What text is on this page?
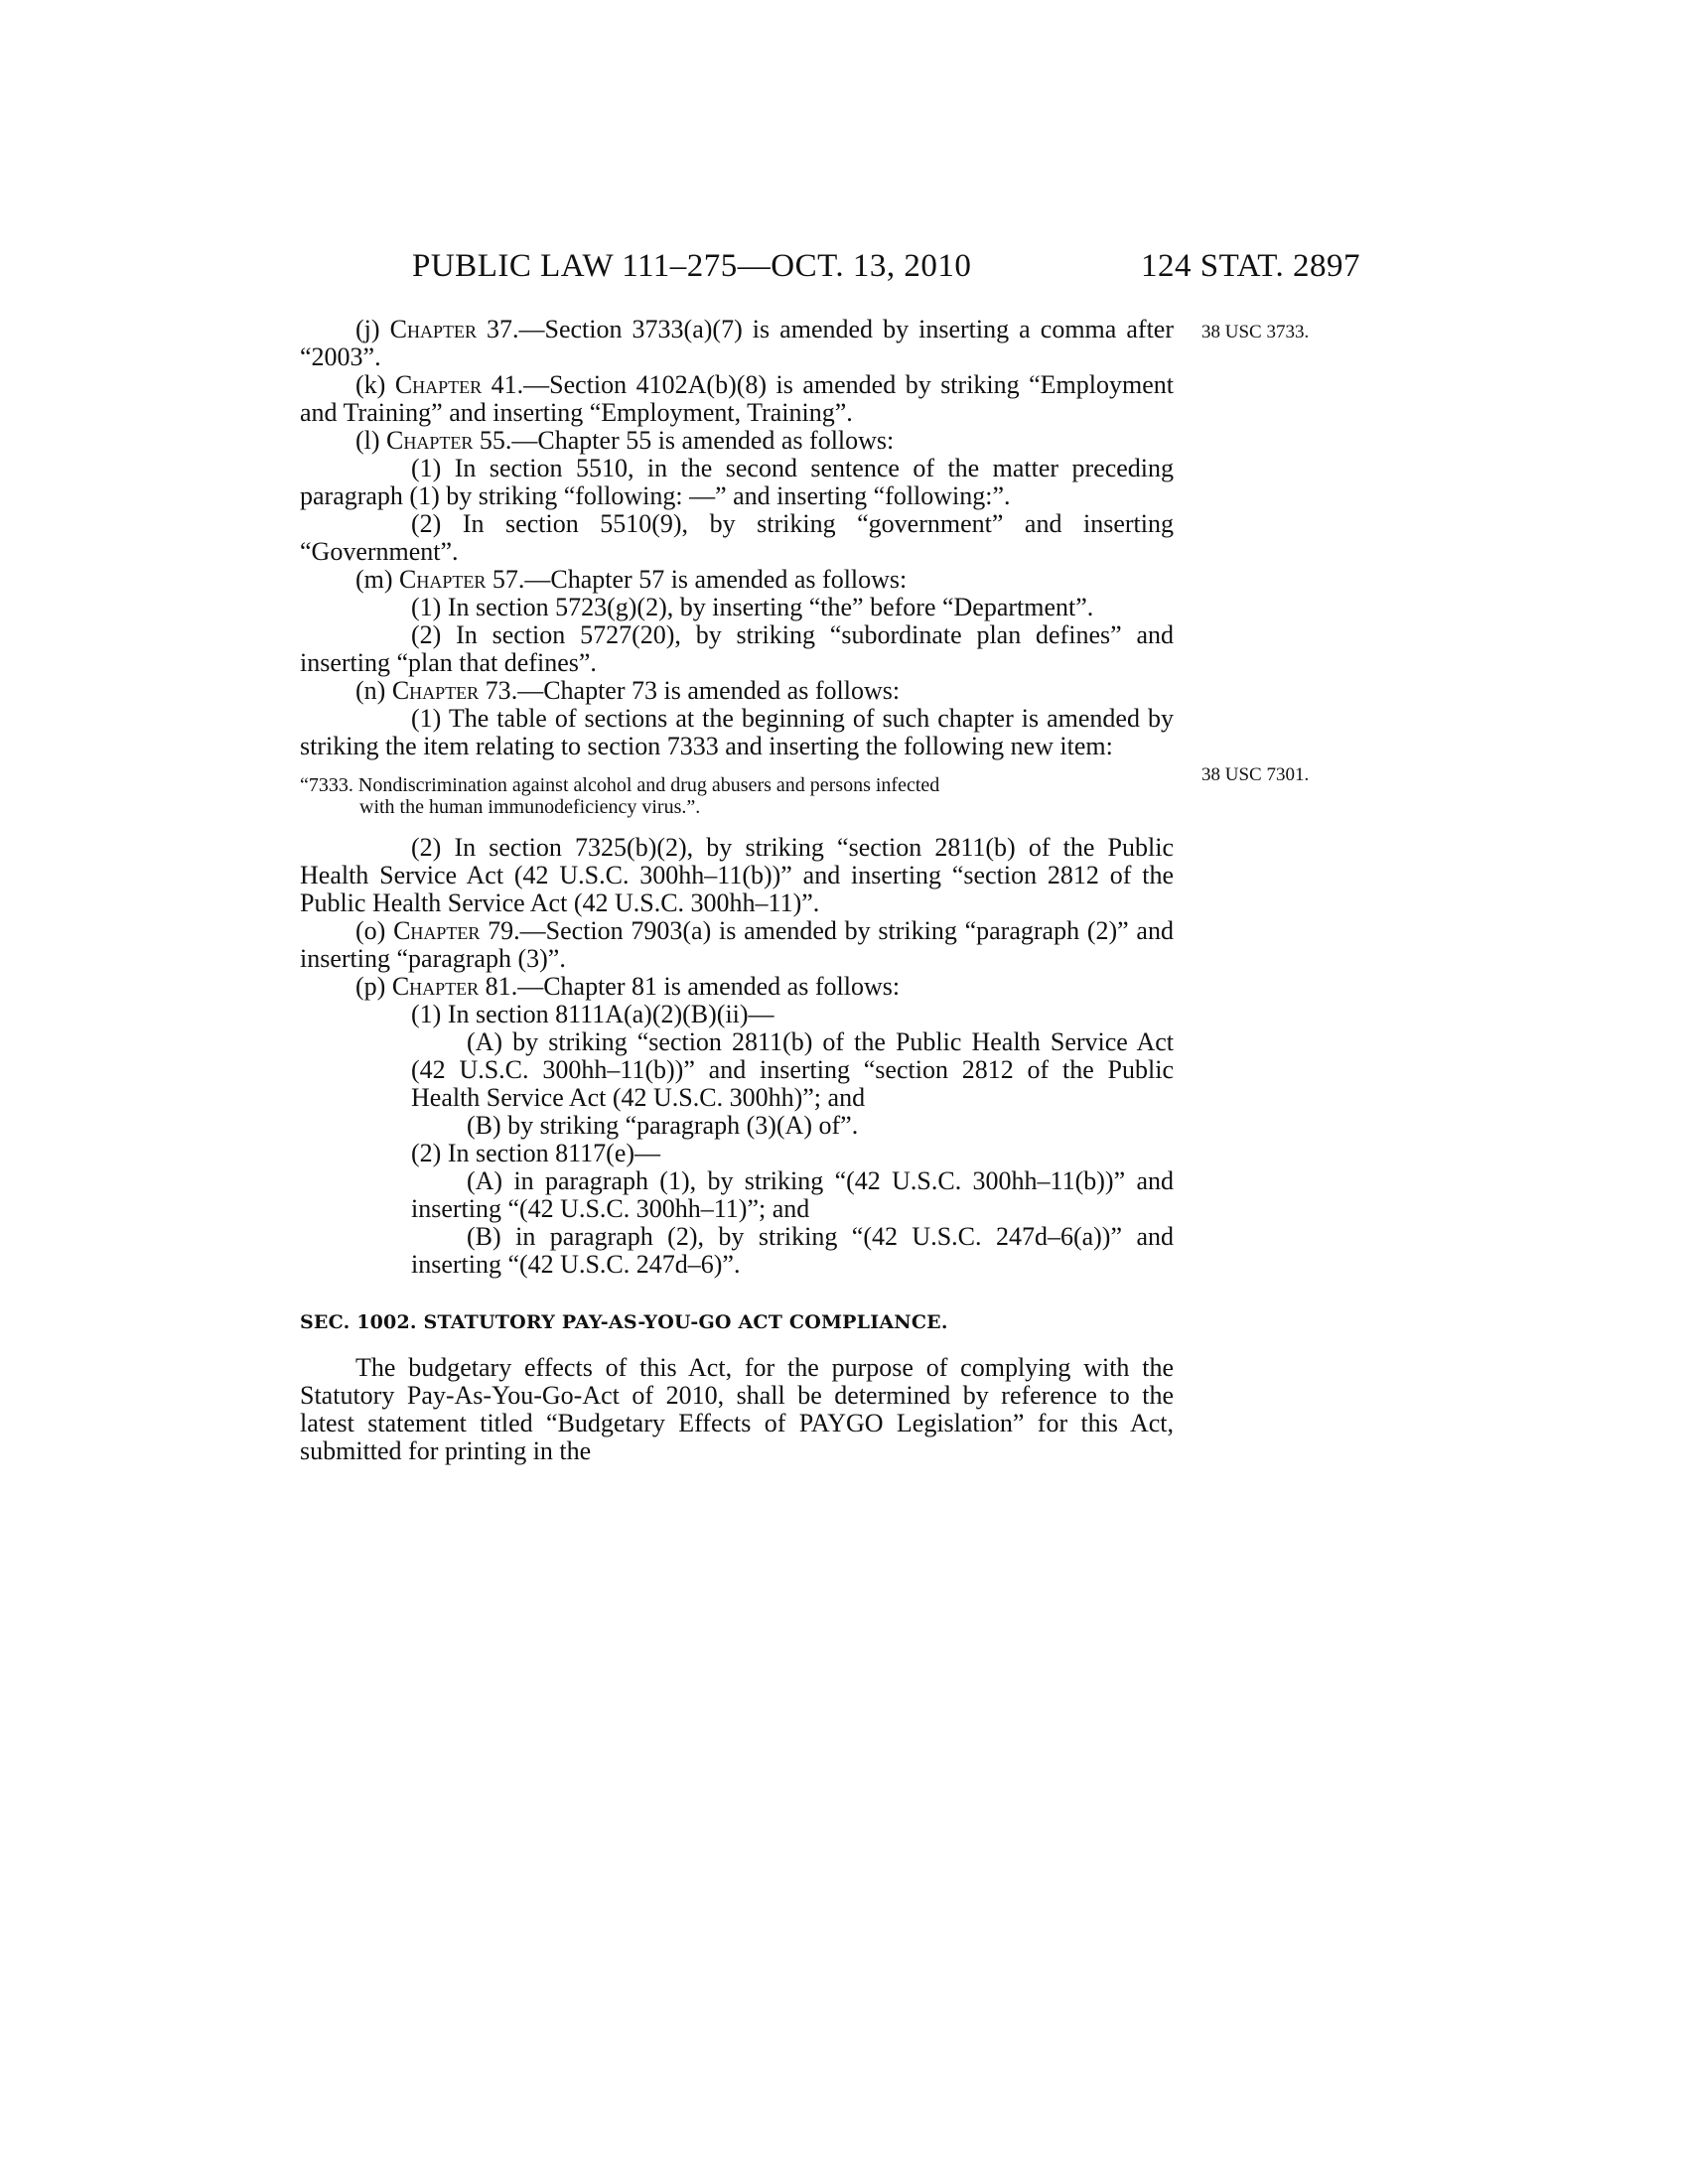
PUBLIC LAW 111–275—OCT. 13, 2010	124 STAT. 2897
38 USC 3733.
38 USC 7301.

(j) Chapter 37.—Section 3733(a)(7) is amended by inserting a comma after “2003”.

(k) Chapter 41.—Section 4102A(b)(8) is amended by striking “Employment and Training” and inserting “Employment, Training”.

(l) Chapter 55.—Chapter 55 is amended as follows:

(1) In section 5510, in the second sentence of the matter preceding paragraph (1) by striking “following: —” and inserting “following:”.

(2) In section 5510(9), by striking “government” and inserting “Government”.

(m) Chapter 57.—Chapter 57 is amended as follows:

(1) In section 5723(g)(2), by inserting “the” before “Department”.

(2) In section 5727(20), by striking “subordinate plan defines” and inserting “plan that defines”.

(n) Chapter 73.—Chapter 73 is amended as follows:

(1) The table of sections at the beginning of such chapter is amended by striking the item relating to section 7333 and inserting the following new item:

“7333. Nondiscrimination against alcohol and drug abusers and persons infected
with the human immunodeficiency virus.”.

(2) In section 7325(b)(2), by striking “section 2811(b) of the Public Health Service Act (42 U.S.C. 300hh–11(b))” and inserting “section 2812 of the Public Health Service Act (42 U.S.C. 300hh–11)”.

(o) Chapter 79.—Section 7903(a) is amended by striking “paragraph (2)” and inserting “paragraph (3)”.

(p) Chapter 81.—Chapter 81 is amended as follows:

(1) In section 8111A(a)(2)(B)(ii)—

(A) by striking “section 2811(b) of the Public Health Service Act (42 U.S.C. 300hh–11(b))” and inserting “section 2812 of the Public Health Service Act (42 U.S.C. 300hh)”; and

(B) by striking “paragraph (3)(A) of”.

(2) In section 8117(e)—

(A) in paragraph (1), by striking “(42 U.S.C. 300hh–11(b))” and inserting “(42 U.S.C. 300hh–11)”; and

(B) in paragraph (2), by striking “(42 U.S.C. 247d–6(a))” and inserting “(42 U.S.C. 247d–6)”.

SEC. 1002. STATUTORY PAY-AS-YOU-GO ACT COMPLIANCE.

The budgetary effects of this Act, for the purpose of complying with the Statutory Pay-As-You-Go-Act of 2010, shall be determined by reference to the latest statement titled “Budgetary Effects of PAYGO Legislation” for this Act, submitted for printing in the
